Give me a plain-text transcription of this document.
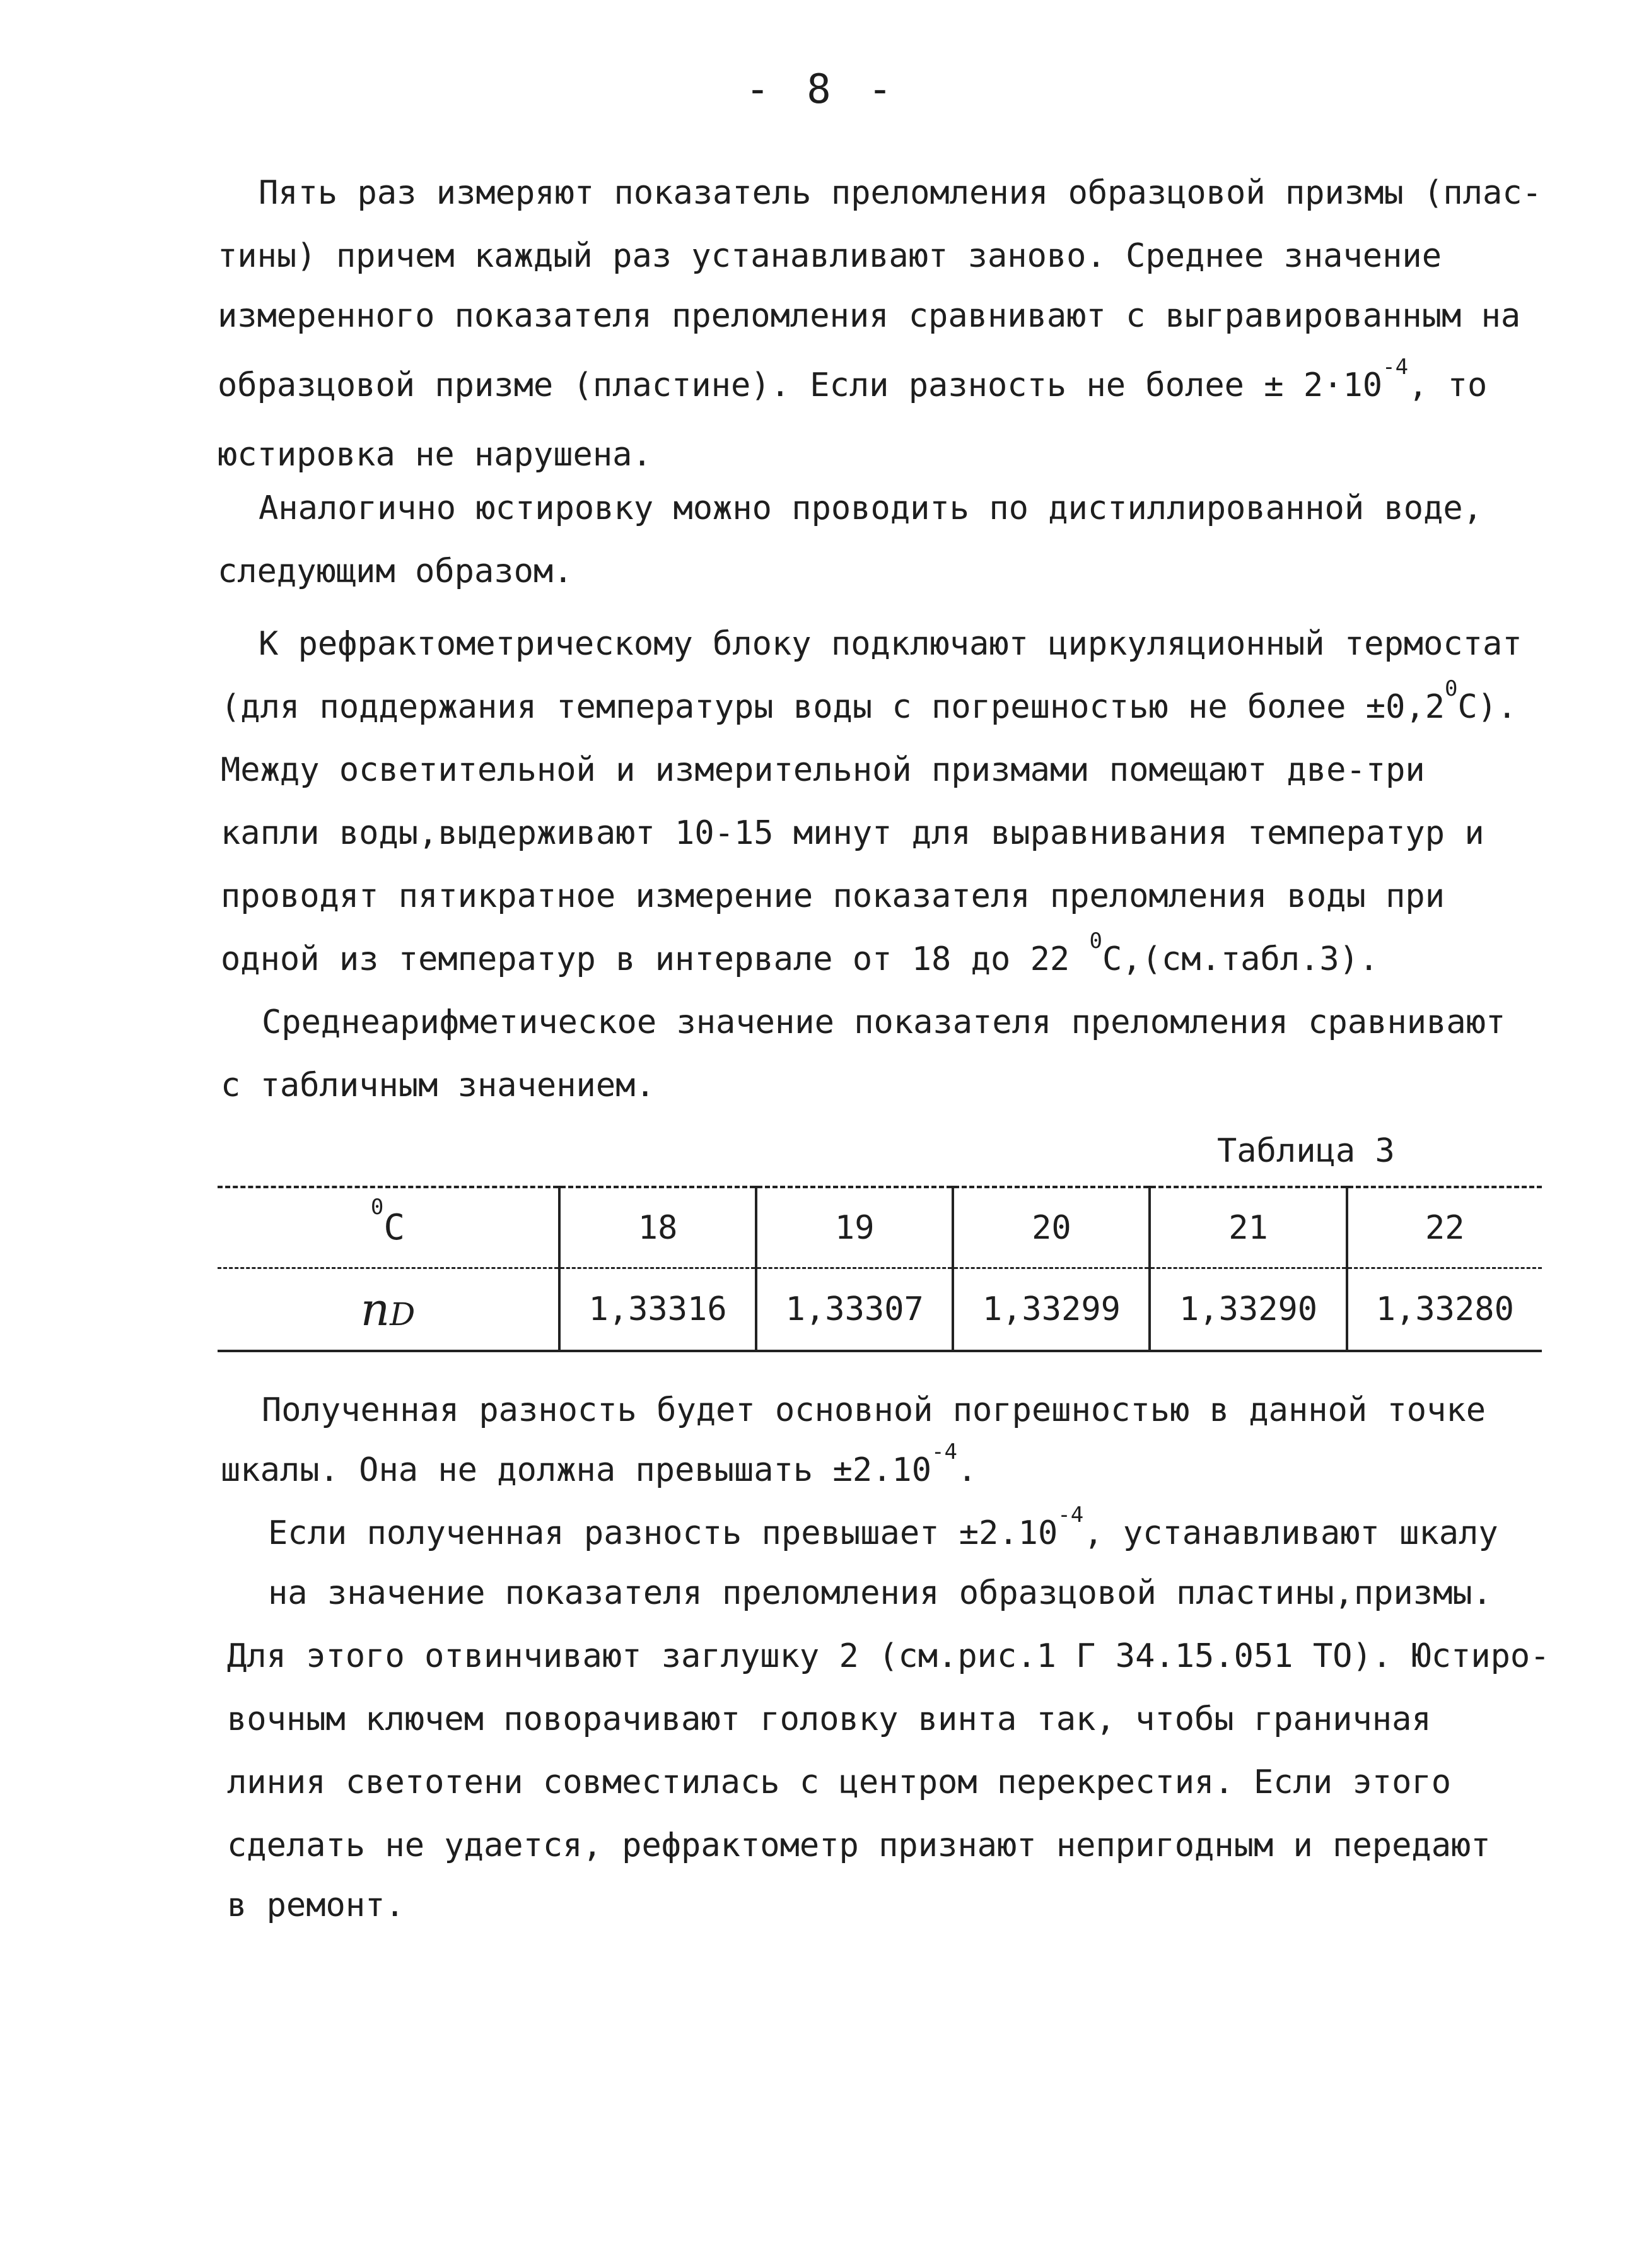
- 8 -
Пять раз измеряют показатель преломления образцовой призмы (плас-
тины) причем каждый раз устанавливают заново. Среднее значение
измеренного показателя преломления сравнивают с выгравированным на
образцовой призме (пластине). Если разность не более ± $2\cdot 10^{-4}$, то
юстировка не нарушена.
Аналогично юстировку можно проводить по дистиллированной воде,
следующим образом.
К рефрактометрическому блоку подключают циркуляционный термостат
(для поддержания температуры воды с погрешностью не более $\pm 0,2^0С$).
Между осветительной и измерительной призмами помещают две-три
капли воды,выдерживают 10-15 минут для выравнивания температур и
проводят пятикратное измерение показателя преломления воды при
одной из температур в интервале от 18 до 22 $^0$С,(см.табл.3).
Среднеарифметическое значение показателя преломления сравнивают
с табличным значением.
Таблица 3
$^0$С	18	19	20	21	22
nD	1,33316	1,33307	1,33299	1,33290	1,33280
Полученная разность будет основной погрешностью в данной точке
шкалы. Она не должна превышать $\pm 2.10^{-4}$.
Если полученная разность превышает $\pm 2.10^{-4}$, устанавливают шкалу
на значение показателя преломления образцовой пластины,призмы.
Для этого отвинчивают заглушку 2 (см.рис.1 Г 34.15.051 ТО). Юстиро-
вочным ключем поворачивают головку винта так, чтобы граничная
линия светотени совместилась с центром перекрестия. Если этого
сделать не удается, рефрактометр признают непригодным и передают
в ремонт.
